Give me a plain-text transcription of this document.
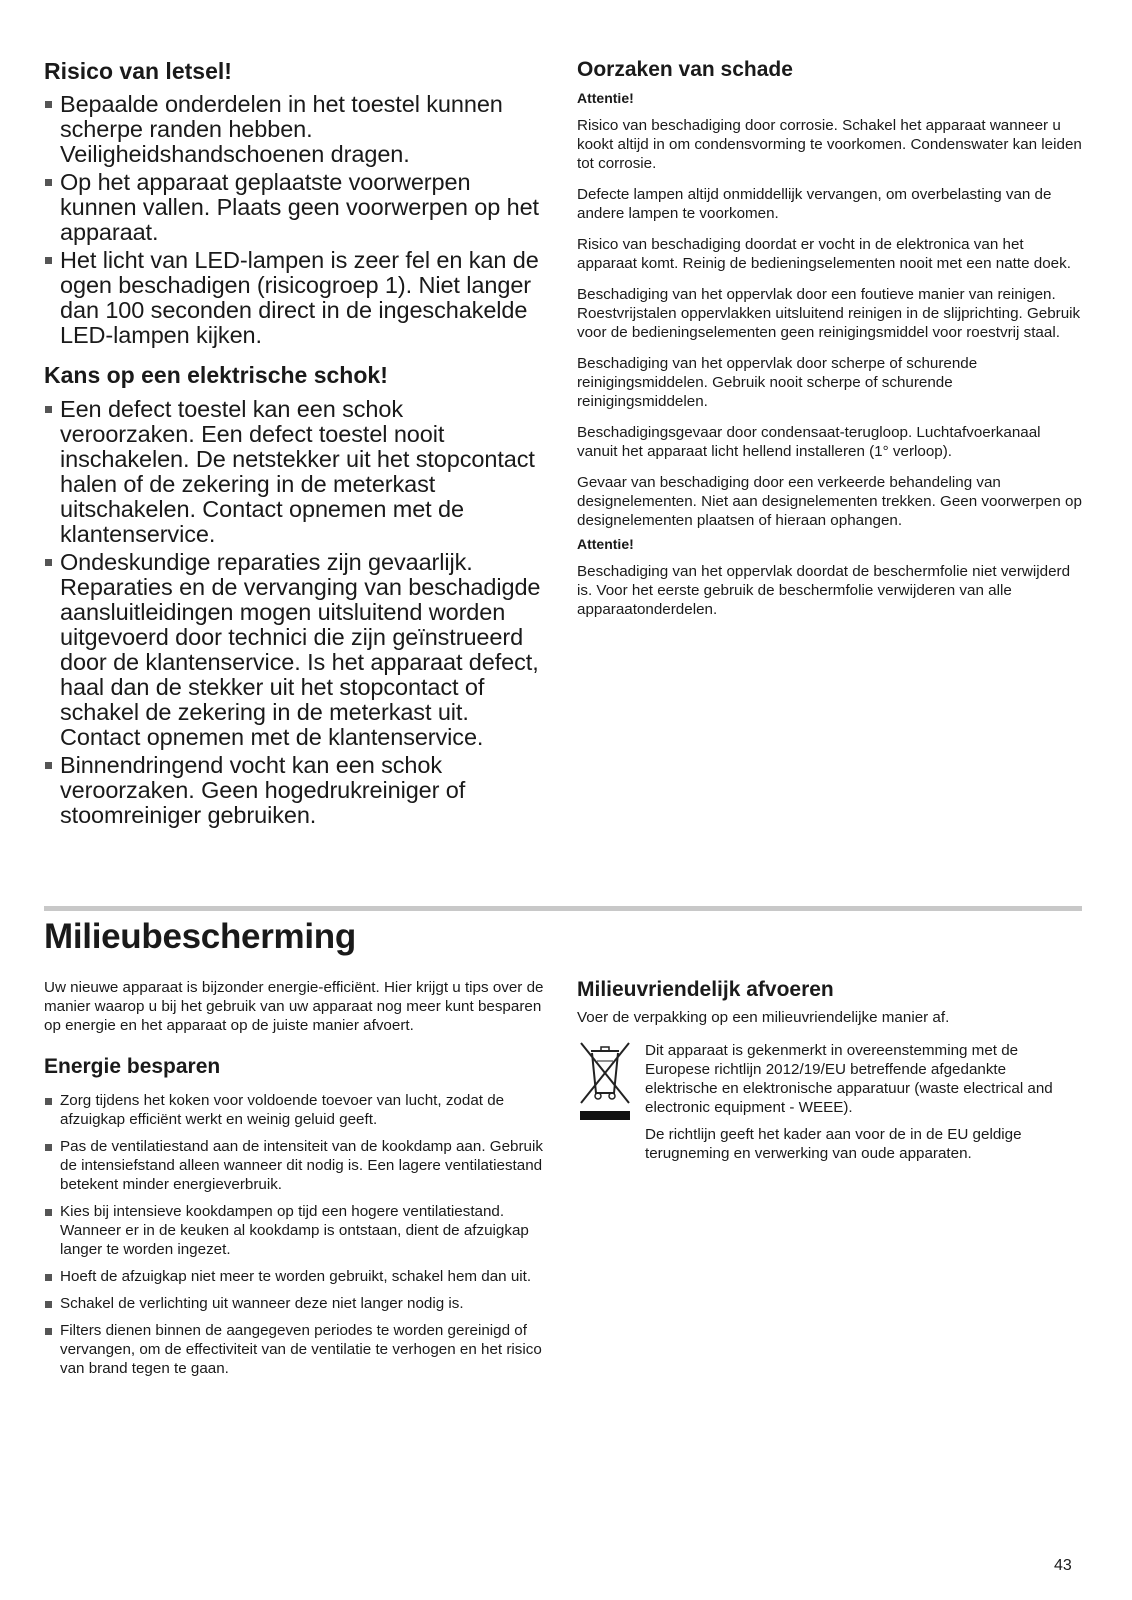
Risico van letsel!
Bepaalde onderdelen in het toestel kunnen scherpe randen hebben. Veiligheidshandschoenen dragen.
Op het apparaat geplaatste voorwerpen kunnen vallen. Plaats geen voorwerpen op het apparaat.
Het licht van LED-lampen is zeer fel en kan de ogen beschadigen (risicogroep 1). Niet langer dan 100 seconden direct in de ingeschakelde LED-lampen kijken.
Kans op een elektrische schok!
Een defect toestel kan een schok veroorzaken. Een defect toestel nooit inschakelen. De netstekker uit het stopcontact halen of de zekering in de meterkast uitschakelen. Contact opnemen met de klantenservice.
Ondeskundige reparaties zijn gevaarlijk. Reparaties en de vervanging van beschadigde aansluitleidingen mogen uitsluitend worden uitgevoerd door technici die zijn geïnstrueerd door de klantenservice. Is het apparaat defect, haal dan de stekker uit het stopcontact of schakel de zekering in de meterkast uit. Contact opnemen met de klantenservice.
Binnendringend vocht kan een schok veroorzaken. Geen hogedrukreiniger of stoomreiniger gebruiken.
Oorzaken van schade
Attentie!

Risico van beschadiging door corrosie. Schakel het apparaat wanneer u kookt altijd in om condensvorming te voorkomen. Condenswater kan leiden tot corrosie.

Defecte lampen altijd onmiddellijk vervangen, om overbelasting van de andere lampen te voorkomen.

Risico van beschadiging doordat er vocht in de elektronica van het apparaat komt. Reinig de bedieningselementen nooit met een natte doek.

Beschadiging van het oppervlak door een foutieve manier van reinigen. Roestvrijstalen oppervlakken uitsluitend reinigen in de slijprichting. Gebruik voor de bedieningselementen geen reinigingsmiddel voor roestvrij staal.

Beschadiging van het oppervlak door scherpe of schurende reinigingsmiddelen. Gebruik nooit scherpe of schurende reinigingsmiddelen.

Beschadigingsgevaar door condensaat-terugloop. Luchtafvoerkanaal vanuit het apparaat licht hellend installeren (1° verloop).

Gevaar van beschadiging door een verkeerde behandeling van designelementen. Niet aan designelementen trekken. Geen voorwerpen op designelementen plaatsen of hieraan ophangen.

Attentie!

Beschadiging van het oppervlak doordat de beschermfolie niet verwijderd is. Voor het eerste gebruik de beschermfolie verwijderen van alle apparaatonderdelen.

Milieubescherming

Uw nieuwe apparaat is bijzonder energie-efficiënt. Hier krijgt u tips over de manier waarop u bij het gebruik van uw apparaat nog meer kunt besparen op energie en het apparaat op de juiste manier afvoert.

Energie besparen
Zorg tijdens het koken voor voldoende toevoer van lucht, zodat de afzuigkap efficiënt werkt en weinig geluid geeft.
Pas de ventilatiestand aan de intensiteit van de kookdamp aan. Gebruik de intensiefstand alleen wanneer dit nodig is. Een lagere ventilatiestand betekent minder energieverbruik.
Kies bij intensieve kookdampen op tijd een hogere ventilatiestand. Wanneer er in de keuken al kookdamp is ontstaan, dient de afzuigkap langer te worden ingezet.
Hoeft de afzuigkap niet meer te worden gebruikt, schakel hem dan uit.
Schakel de verlichting uit wanneer deze niet langer nodig is.
Filters dienen binnen de aangegeven periodes te worden gereinigd of vervangen, om de effectiviteit van de ventilatie te verhogen en het risico van brand tegen te gaan.
Milieuvriendelijk afvoeren

Voer de verpakking op een milieuvriendelijke manier af.

Dit apparaat is gekenmerkt in overeenstemming met de Europese richtlijn 2012/19/EU betreffende afgedankte elektrische en elektronische apparatuur (waste electrical and electronic equipment - WEEE).

De richtlijn geeft het kader aan voor de in de EU geldige terugneming en verwerking van oude apparaten.

43
